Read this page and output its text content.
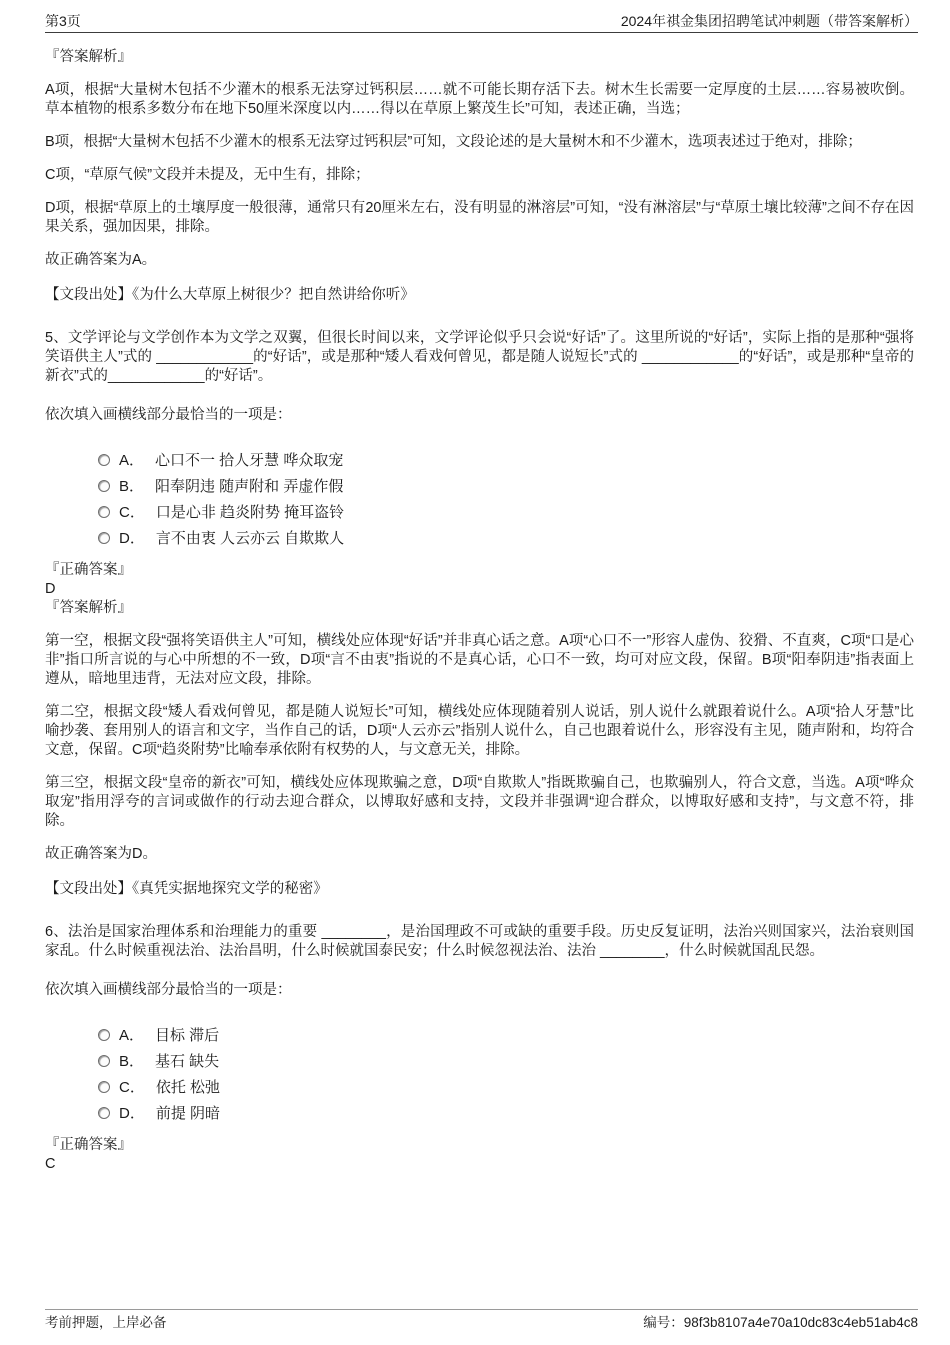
第3页	2024年祺金集团招聘笔试冲刺题（带答案解析）

『答案解析』

A项，根据“大量树木包括不少灌木的根系无法穿过钙积层……就不可能长期存活下去。树木生长需要一定厚度的土层……容易被吹倒。草本植物的根系多数分布在地下50厘米深度以内……得以在草原上繁茂生长”可知，表述正确，当选；

B项，根据“大量树木包括不少灌木的根系无法穿过钙积层”可知，文段论述的是大量树木和不少灌木，选项表述过于绝对，排除；

C项，“草原气候”文段并未提及，无中生有，排除；

D项，根据“草原上的土壤厚度一般很薄，通常只有20厘米左右，没有明显的淋溶层”可知，“没有淋溶层”与“草原土壤比较薄”之间不存在因果关系，强加因果，排除。

故正确答案为A。

【文段出处】《为什么大草原上树很少？把自然讲给你听》

5、文学评论与文学创作本为文学之双翼，但很长时间以来，文学评论似乎只会说“好话”了。这里所说的“好话”，实际上指的是那种“强将笑语供主人”式的 ____________的“好话”，或是那种“矮人看戏何曾见，都是随人说短长”式的 ____________的“好话”，或是那种“皇帝的新衣”式的____________的“好话”。

依次填入画横线部分最恰当的一项是：

A． 心口不一 拾人牙慧 哗众取宠
B． 阳奉阴违 随声附和 弄虚作假
C． 口是心非 趋炎附势 掩耳盗铃
D． 言不由衷 人云亦云 自欺欺人

『正确答案』

D

『答案解析』

第一空，根据文段“强将笑语供主人”可知，横线处应体现“好话”并非真心话之意。A项“心口不一”形容人虚伪、狡猾、不直爽，C项“口是心非”指口所言说的与心中所想的不一致，D项“言不由衷”指说的不是真心话，心口不一致，均可对应文段，保留。B项“阳奉阴违”指表面上遵从，暗地里违背，无法对应文段，排除。

第二空，根据文段“矮人看戏何曾见，都是随人说短长”可知，横线处应体现随着别人说话，别人说什么就跟着说什么。A项“拾人牙慧”比喻抄袭、套用别人的语言和文字，当作自己的话，D项“人云亦云”指别人说什么，自己也跟着说什么，形容没有主见，随声附和，均符合文意，保留。C项“趋炎附势”比喻奉承依附有权势的人，与文意无关，排除。

第三空，根据文段“皇帝的新衣”可知，横线处应体现欺骗之意，D项“自欺欺人”指既欺骗自己，也欺骗别人，符合文意，当选。A项“哗众取宠”指用浮夸的言词或做作的行动去迎合群众，以博取好感和支持，文段并非强调“迎合群众，以博取好感和支持”，与文意不符，排除。

故正确答案为D。

【文段出处】《真凭实据地探究文学的秘密》

6、法治是国家治理体系和治理能力的重要 ________，是治国理政不可或缺的重要手段。历史反复证明，法治兴则国家兴，法治衰则国家乱。什么时候重视法治、法治昌明，什么时候就国泰民安；什么时候忽视法治、法治 ________，什么时候就国乱民怨。

依次填入画横线部分最恰当的一项是：

A． 目标 滞后
B． 基石 缺失
C． 依托 松弛
D． 前提 阴暗

『正确答案』

C

考前押题，上岸必备	编号：98f3b8107a4e70a10dc83c4eb51ab4c8
